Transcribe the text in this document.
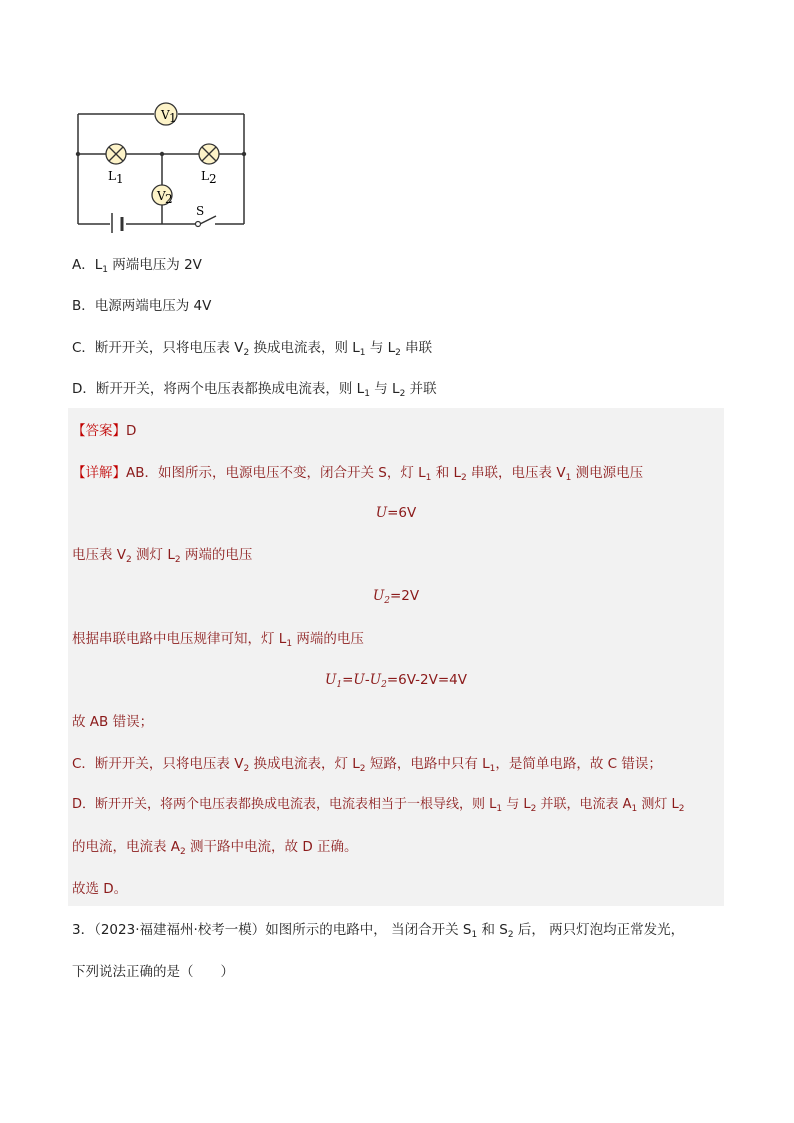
V 1
V 2
L 1	L 2
S
A．$L_1$ 两端电压为 2V
B．电源两端电压为 4V
C．断开开关，只将电压表 $V_2$ 换成电流表，则 $L_1$ 与 $L_2$ 串联
D．断开开关，将两个电压表都换成电流表，则 $L_1$ 与 $L_2$ 并联
【答案】D
【详解】AB．如图所示，电源电压不变，闭合开关 S，灯 $L_1$ 和 $L_2$ 串联，电压表 $V_1$ 测电源电压
U=6V
电压表 $V_2$ 测灯 $L_2$ 两端的电压
$U_2=2V$
根据串联电路中电压规律可知，灯 $L_1$ 两端的电压
$U_1=U-U_2=6V-2V=4V$
故 AB 错误；
C．断开开关，只将电压表 $V_2$ 换成电流表，灯 $L_2$ 短路，电路中只有 $L_1$，是简单电路，故 C 错误；
D．断开开关，将两个电压表都换成电流表，电流表相当于一根导线，则 $L_1$ 与 $L_2$ 并联，电流表 $A_1$ 测灯 $L_2$
的电流，电流表 $A_2$ 测干路中电流，故 D 正确。
故选 D。
3．（2023·福建福州·校考一模）如图所示的电路中， 当闭合开关 $S_1$ 和 $S_2$ 后， 两只灯泡均正常发光，
下列说法正确的是（　　）
